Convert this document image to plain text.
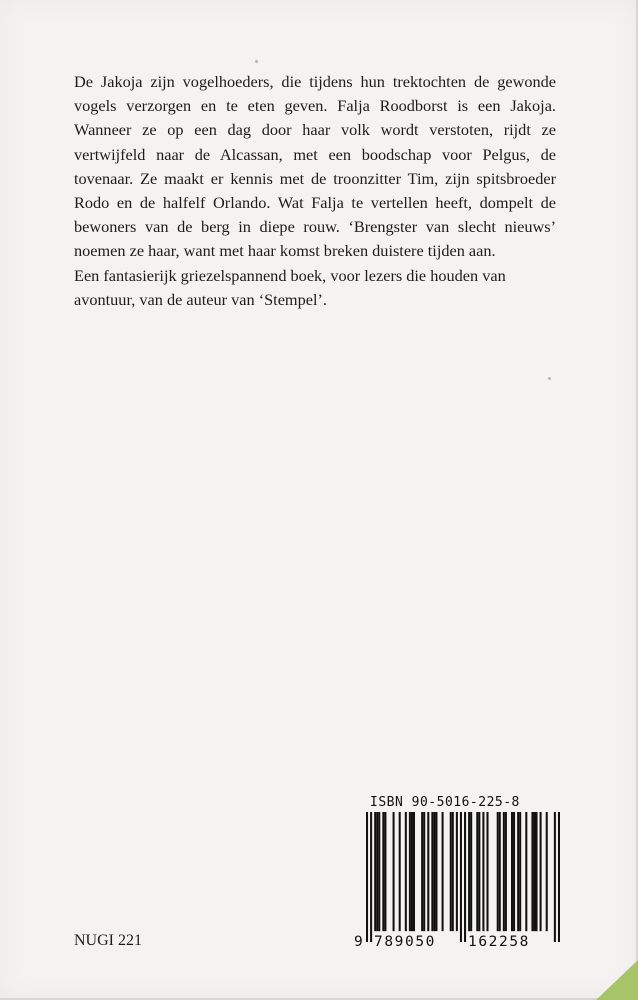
De Jakoja zijn vogelhoeders, die tijdens hun trektochten de gewonde vogels verzorgen en te eten geven. Falja Roodborst is een Jakoja. Wanneer ze op een dag door haar volk wordt verstoten, rijdt ze vertwijfeld naar de Alcassan, met een boodschap voor Pelgus, de tovenaar. Ze maakt er kennis met de troonzitter Tim, zijn spitsbroeder Rodo en de halfelf Orlando. Wat Falja te vertellen heeft, dompelt de bewoners van de berg in diepe rouw. ‘Brengster van slecht nieuws’ noemen ze haar, want met haar komst breken duistere tijden aan.

Een fantasierijk griezelspannend boek, voor lezers die houden van avontuur, van de auteur van ‘Stempel’.

ISBN 90-5016-225-8
9 789050 162258
NUGI 221
